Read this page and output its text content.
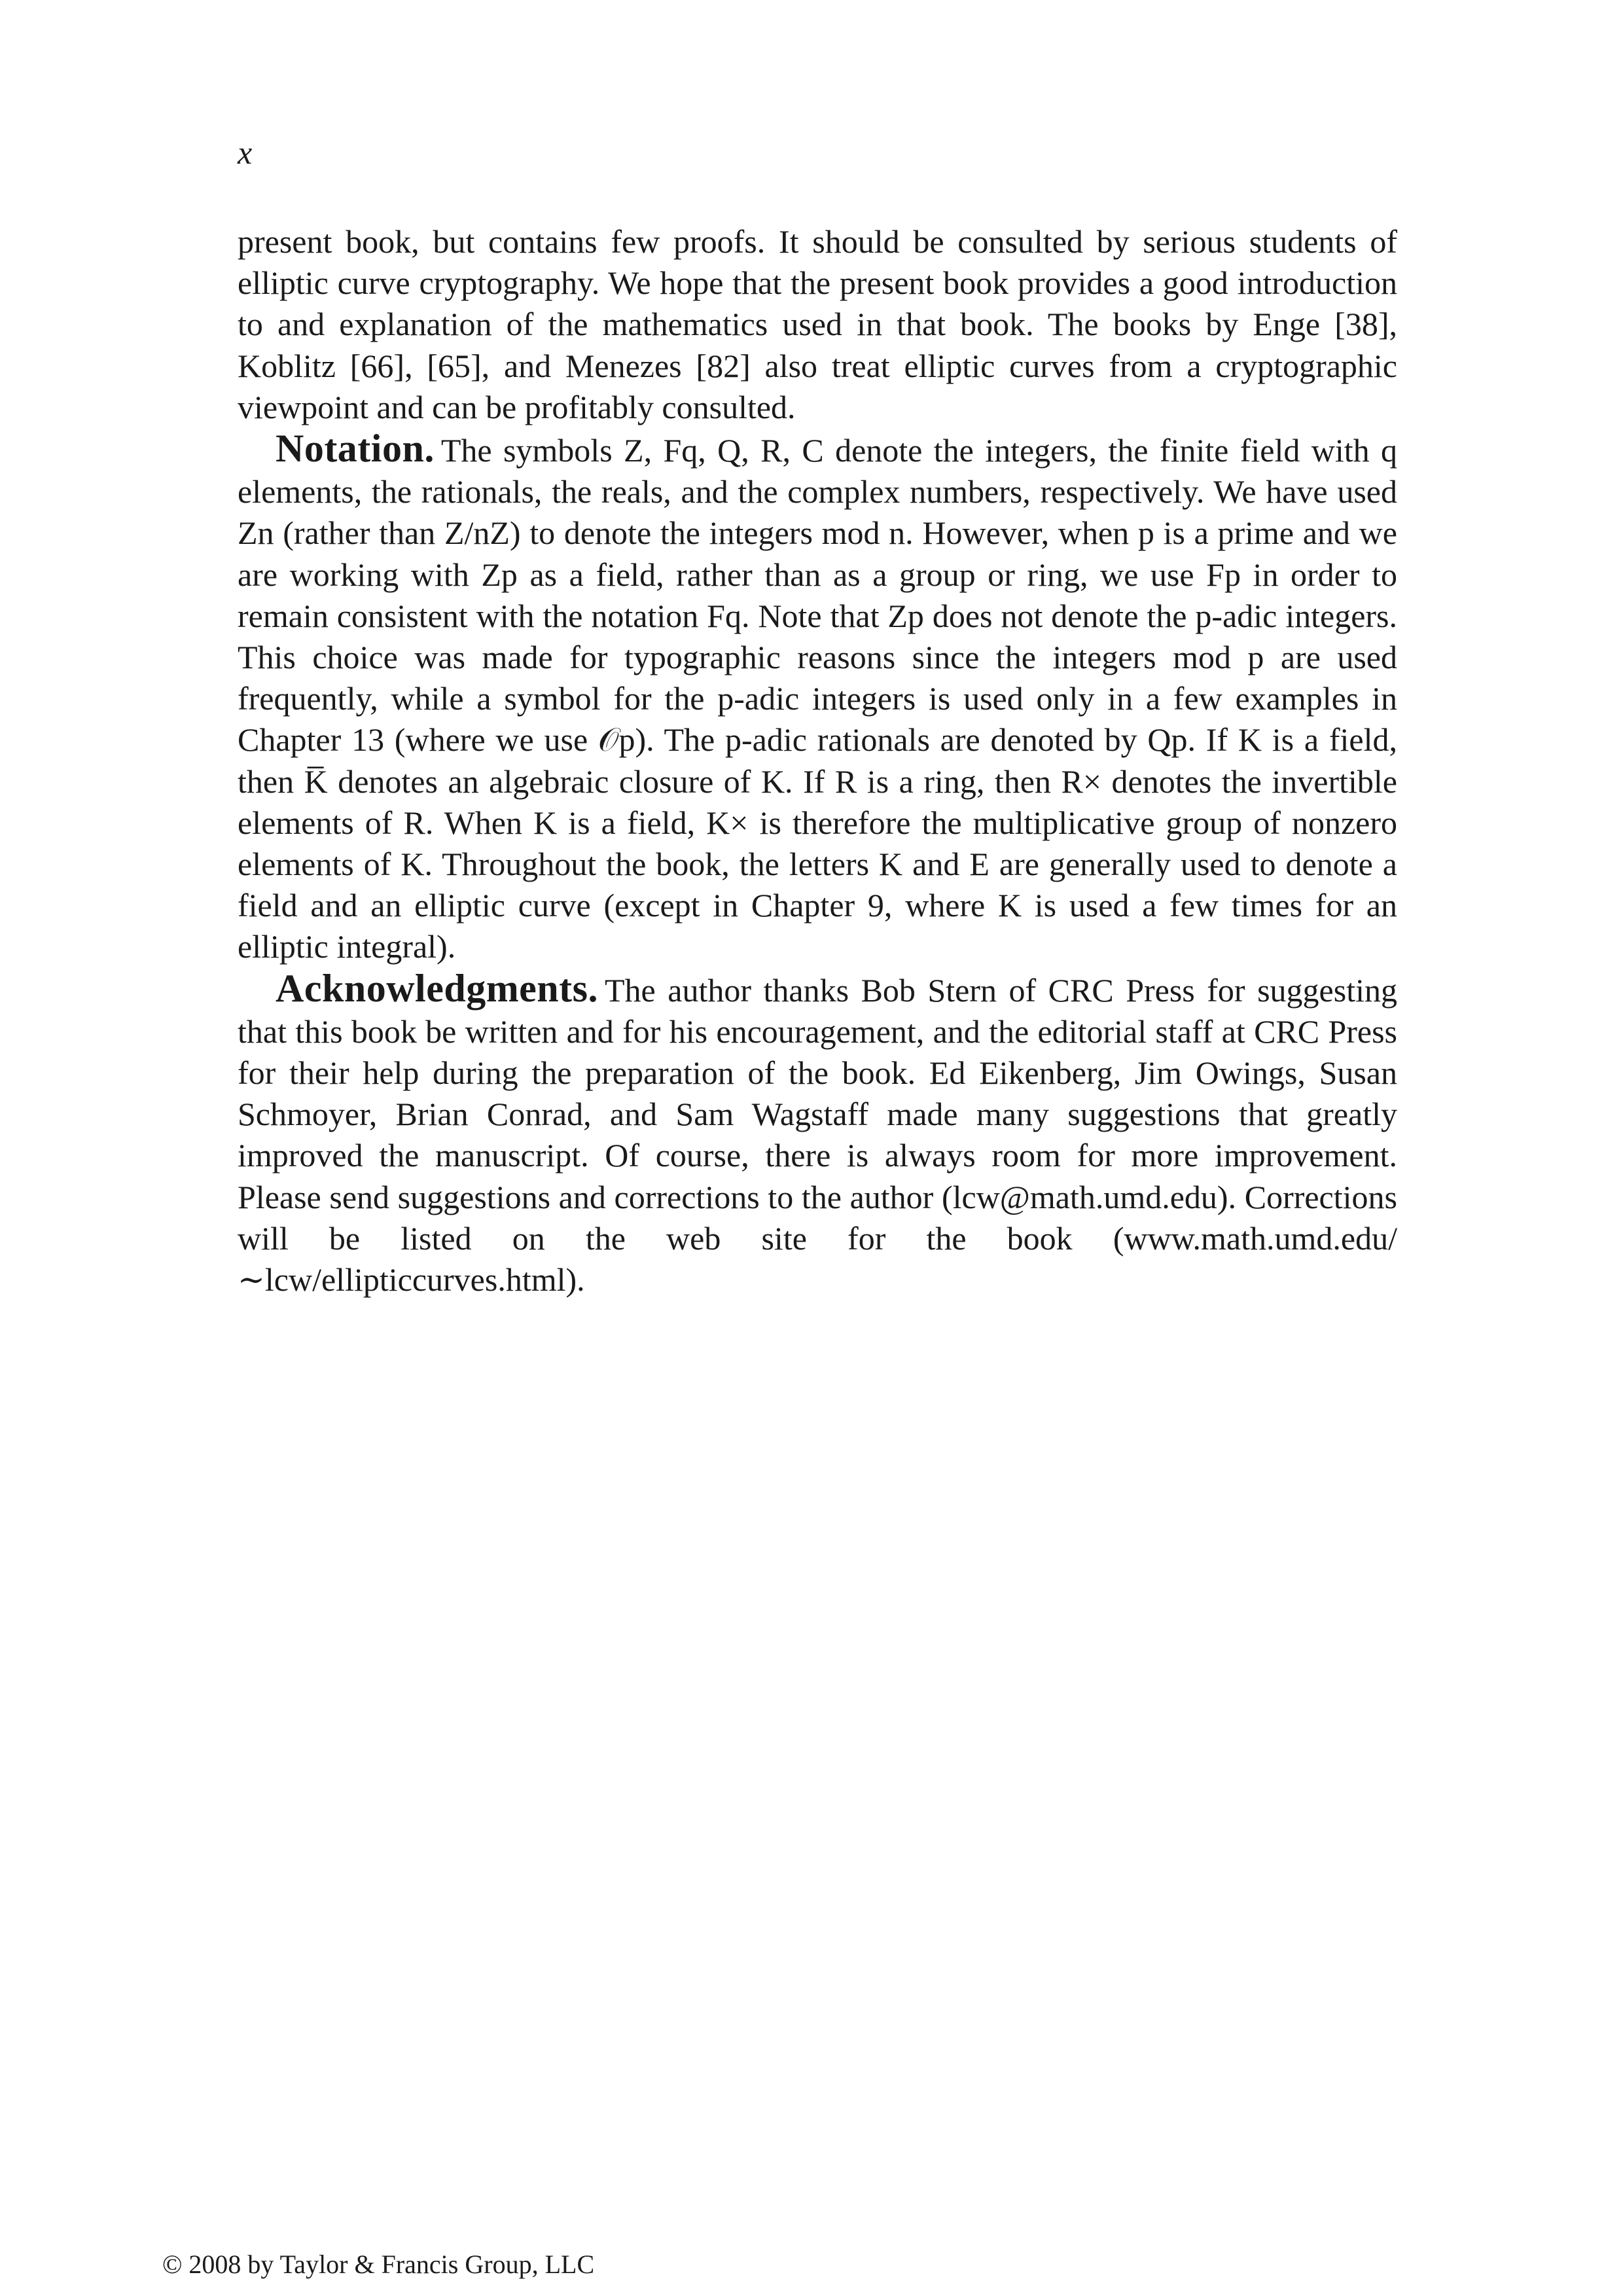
x

present book, but contains few proofs. It should be consulted by serious students of elliptic curve cryptography. We hope that the present book provides a good introduction to and explanation of the mathematics used in that book. The books by Enge [38], Koblitz [66], [65], and Menezes [82] also treat elliptic curves from a cryptographic viewpoint and can be profitably consulted.

Notation. The symbols Z, Fq, Q, R, C denote the integers, the finite field with q elements, the rationals, the reals, and the complex numbers, respectively. We have used Zn (rather than Z/nZ) to denote the integers mod n. However, when p is a prime and we are working with Zp as a field, rather than as a group or ring, we use Fp in order to remain consistent with the notation Fq. Note that Zp does not denote the p-adic integers. This choice was made for typographic reasons since the integers mod p are used frequently, while a symbol for the p-adic integers is used only in a few examples in Chapter 13 (where we use 𝒪p). The p-adic rationals are denoted by Qp. If K is a field, then K̅ denotes an algebraic closure of K. If R is a ring, then R× denotes the invertible elements of R. When K is a field, K× is therefore the multiplicative group of nonzero elements of K. Throughout the book, the letters K and E are generally used to denote a field and an elliptic curve (except in Chapter 9, where K is used a few times for an elliptic integral).

Acknowledgments. The author thanks Bob Stern of CRC Press for suggesting that this book be written and for his encouragement, and the editorial staff at CRC Press for their help during the preparation of the book. Ed Eikenberg, Jim Owings, Susan Schmoyer, Brian Conrad, and Sam Wagstaff made many suggestions that greatly improved the manuscript. Of course, there is always room for more improvement. Please send suggestions and corrections to the author (lcw@math.umd.edu). Corrections will be listed on the web site for the book (www.math.umd.edu/∼lcw/ellipticcurves.html).

© 2008 by Taylor & Francis Group, LLC
